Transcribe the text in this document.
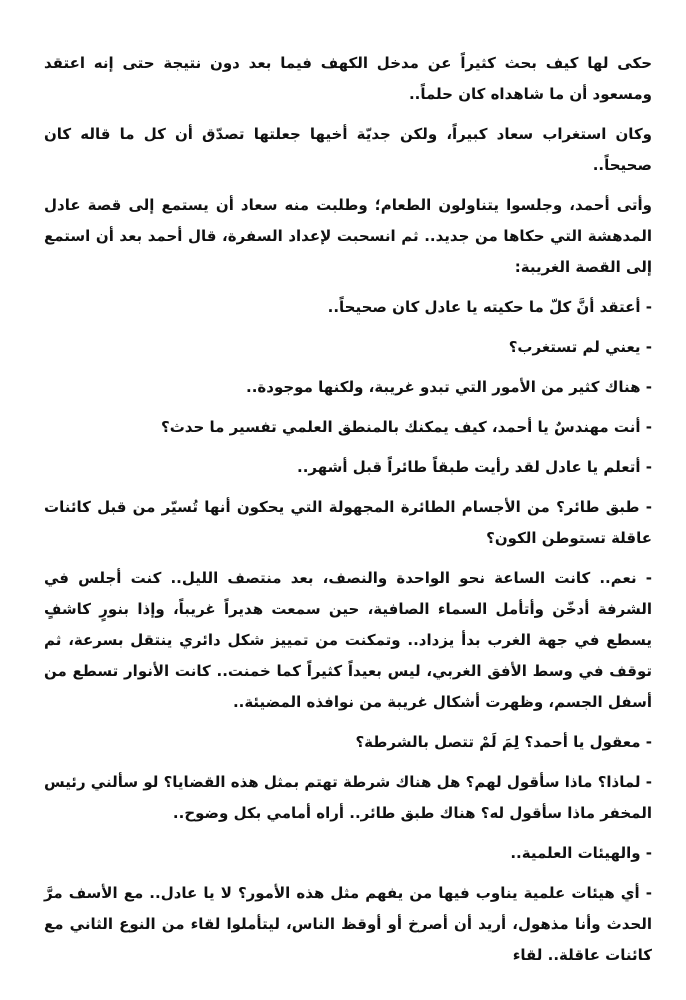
حكى لها كيف بحث كثيراً عن مدخل الكهف فيما بعد دون نتيجة حتى إنه اعتقد ومسعود أن ما شاهداه كان حلماً..

وكان استغراب سعاد كبيراً، ولكن جديّة أخيها جعلتها تصدّق أن كل ما قاله كان صحيحاً..

وأتى أحمد، وجلسوا يتناولون الطعام؛ وطلبت منه سعاد أن يستمع إلى قصة عادل المدهشة التي حكاها من جديد.. ثم انسحبت لإعداد السفرة، قال أحمد بعد أن استمع إلى القصة الغريبة:

- أعتقد أنَّ كلّ ما حكيته يا عادل كان صحيحاً..

- يعني لم تستغرب؟

- هناك كثير من الأمور التي تبدو غريبة، ولكنها موجودة..

- أنت مهندسٌ يا أحمد، كيف يمكنك بالمنطق العلمي تفسير ما حدث؟

- أتعلم يا عادل لقد رأيت طبقاً طائراً قبل أشهر..

- طبق طائر؟ من الأجسام الطائرة المجهولة التي يحكون أنها تُسيّر من قبل كائنات عاقلة تستوطن الكون؟

- نعم.. كانت الساعة نحو الواحدة والنصف، بعد منتصف الليل.. كنت أجلس في الشرفة أدخّن وأتأمل السماء الصافية، حين سمعت هديراً غريباً، وإذا بنورٍ كاشفٍ يسطع في جهة الغرب بدأ يزداد.. وتمكنت من تمييز شكل دائري ينتقل بسرعة، ثم توقف في وسط الأفق الغربي، ليس بعيداً كثيراً كما خمنت.. كانت الأنوار تسطع من أسفل الجسم، وظهرت أشكال غريبة من نوافذه المضيئة..

- معقول يا أحمد؟ لِمَ لَمْ تتصل بالشرطة؟

- لماذا؟ ماذا سأقول لهم؟ هل هناك شرطة تهتم بمثل هذه القضايا؟ لو سألني رئيس المخفر ماذا سأقول له؟ هناك طبق طائر.. أراه أمامي بكل وضوح..

- والهيئات العلمية..

- أي هيئات علمية يناوب فيها من يفهم مثل هذه الأمور؟ لا يا عادل.. مع الأسف مرَّ الحدث وأنا مذهول، أريد أن أصرخ أو أوقظ الناس، ليتأملوا لقاء من النوع الثاني مع كائنات عاقلة.. لقاء
